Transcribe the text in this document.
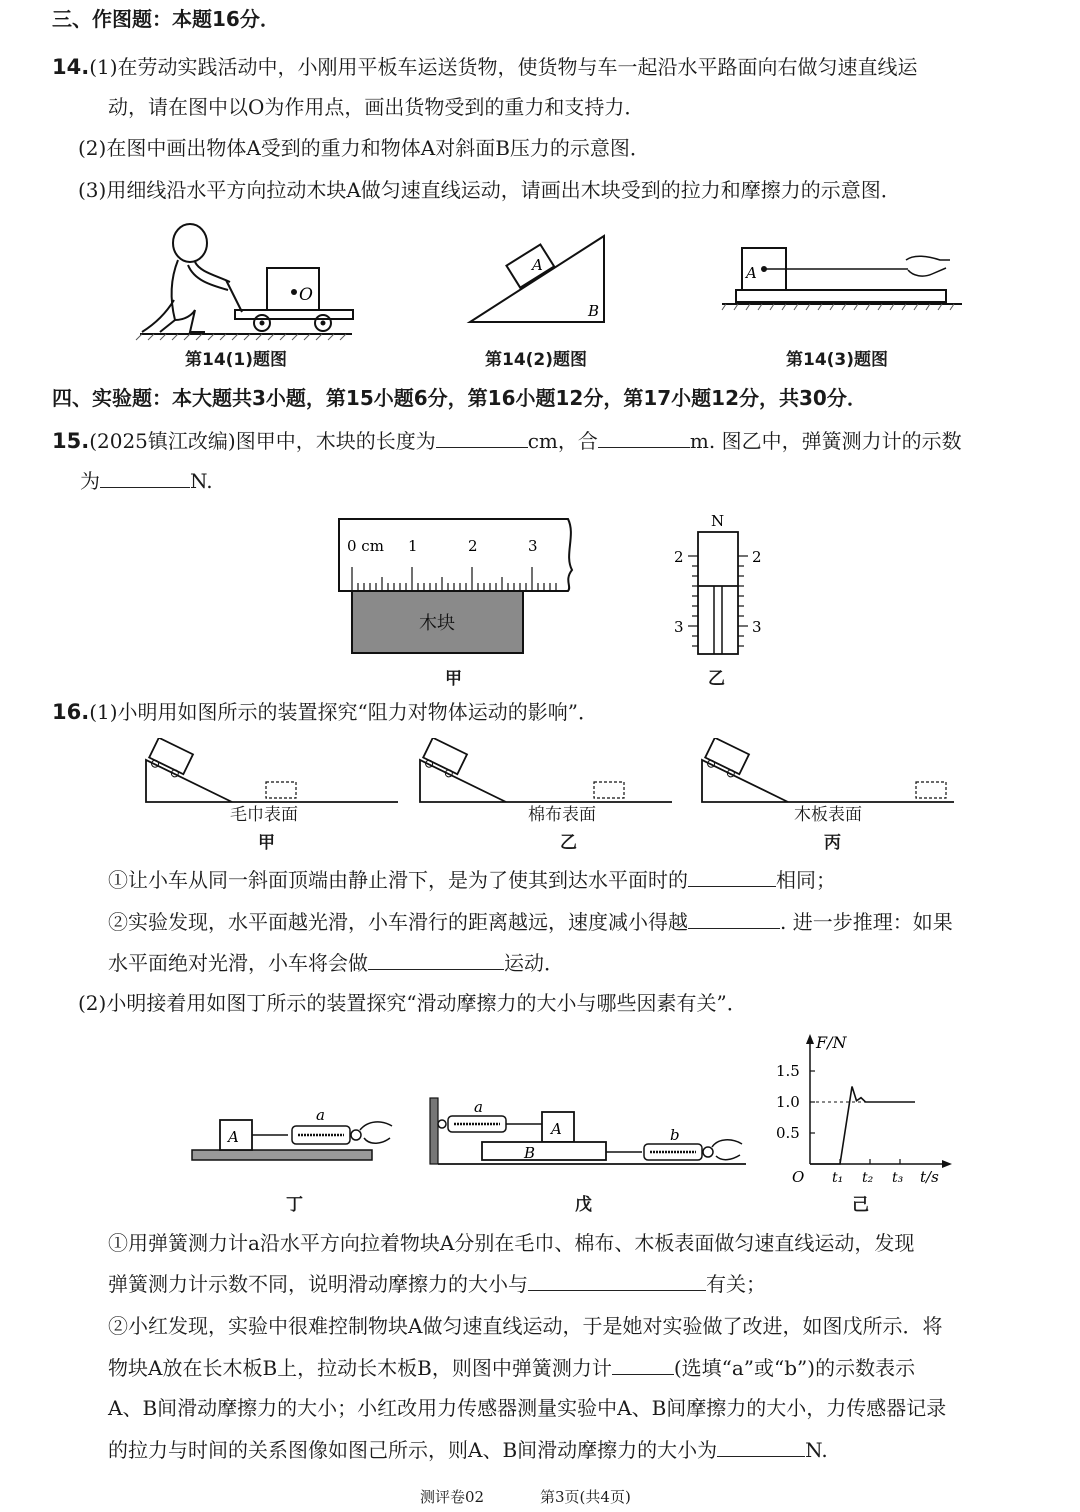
三、作图题：本题16分．
14.(1)在劳动实践活动中，小刚用平板车运送货物，使货物与车一起沿水平路面向右做匀速直线运
动，请在图中以O为作用点，画出货物受到的重力和支持力．
(2)在图中画出物体A受到的重力和物体A对斜面B压力的示意图．
(3)用细线沿水平方向拉动木块A做匀速直线运动，请画出木块受到的拉力和摩擦力的示意图．
O
第14(1)题图
A
B
第14(2)题图
A
第14(3)题图
四、实验题：本大题共3小题，第15小题6分，第16小题12分，第17小题12分，共30分．
15.(2025镇江改编)图甲中，木块的长度为	cm，合	m. 图乙中，弹簧测力计的示数
为	N.
0 cm 1	2	3
木块
甲
N
2	2
3	3
乙
16.(1)小明用如图所示的装置探究“阻力对物体运动的影响”．
毛巾表面
甲
棉布表面
乙
木板表面
丙
①让小车从同一斜面顶端由静止滑下，是为了使其到达水平面时的	相同；
②实验发现，水平面越光滑，小车滑行的距离越远，速度减小得越	. 进一步推理：如果
水平面绝对光滑，小车将会做	运动．
(2)小明接着用如图丁所示的装置探究“滑动摩擦力的大小与哪些因素有关”．
A
a
丁
a
A
B
b
戊
F/N
t/s
O
0.5
1.0
1.5
t₁ t₂ t₃
己
①用弹簧测力计a沿水平方向拉着物块A分别在毛巾、棉布、木板表面做匀速直线运动，发现
弹簧测力计示数不同，说明滑动摩擦力的大小与	有关；
②小红发现，实验中很难控制物块A做匀速直线运动，于是她对实验做了改进，如图戊所示．将
物块A放在长木板B上，拉动长木板B，则图中弹簧测力计	(选填“a”或“b”)的示数表示
A、B间滑动摩擦力的大小；小红改用力传感器测量实验中A、B间摩擦力的大小，力传感器记录
的拉力与时间的关系图像如图己所示，则A、B间滑动摩擦力的大小为	N.
测评卷02	第3页(共4页)
